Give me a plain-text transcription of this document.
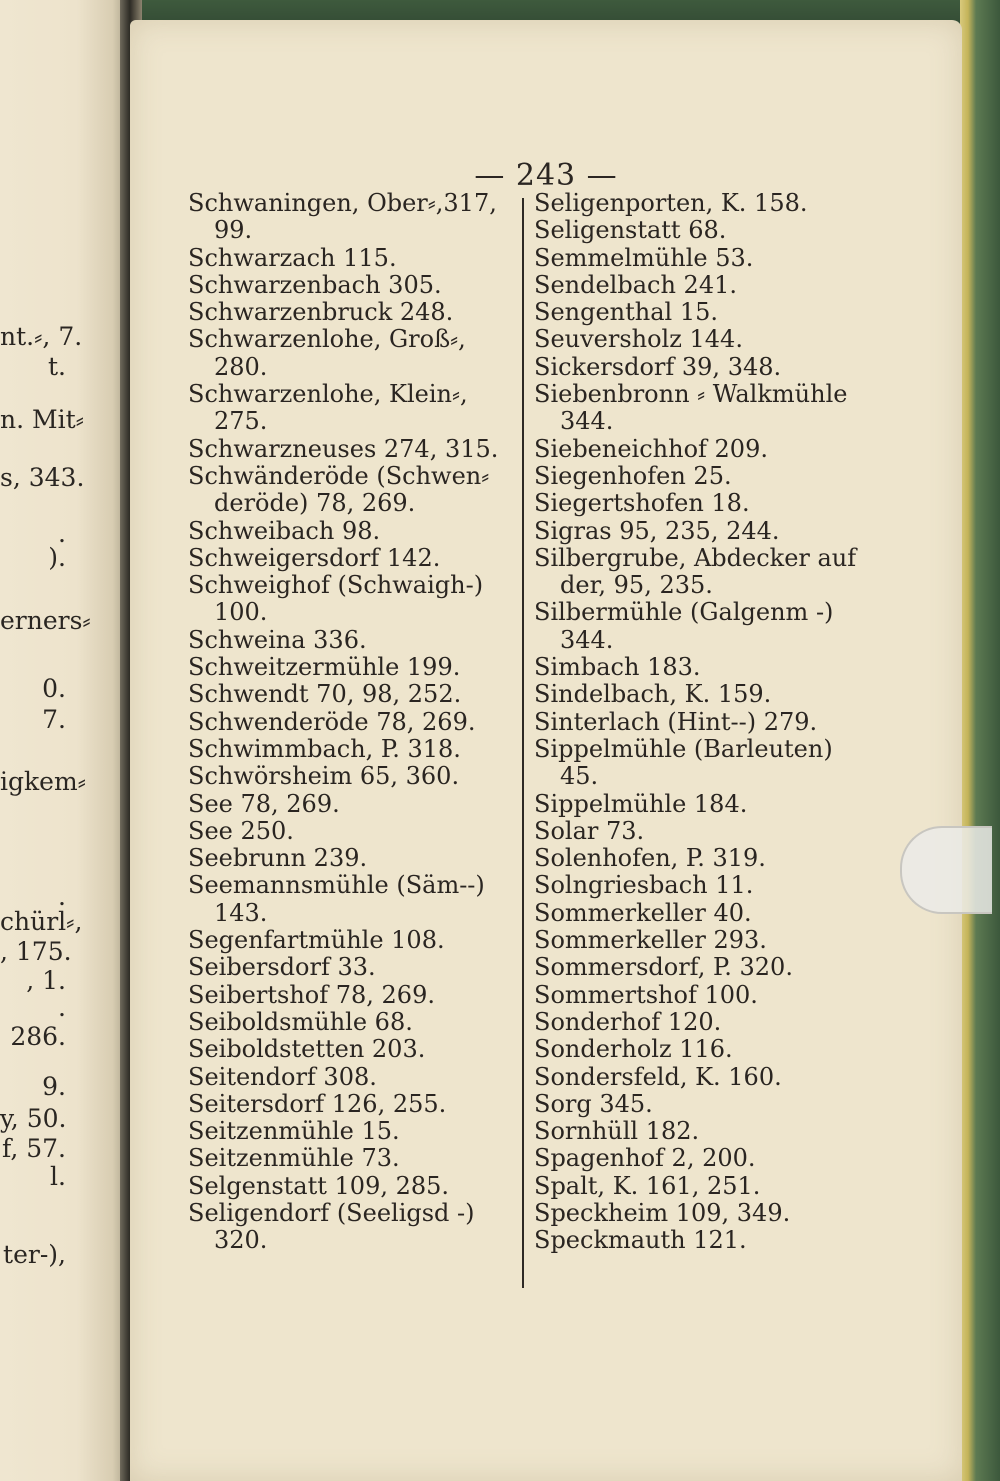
nt.⸗, 7.
t.
n. Mit⸗
s, 343.
.
).
erners⸗
0.
7.
igkem⸗
.
chürl⸗,
, 175.
, 1.
.
286.
9.
y, 50.
f, 57.
l.
ter-),
— 243 —
Schwaningen, Ober⸗,317,
99.
Schwarzach 115.
Schwarzenbach 305.
Schwarzenbruck 248.
Schwarzenlohe, Groß⸗,
280.
Schwarzenlohe, Klein⸗,
275.
Schwarzneuses 274, 315.
Schwänderöde (Schwen⸗
deröde) 78, 269.
Schweibach 98.
Schweigersdorf 142.
Schweighof (Schwaigh-)
100.
Schweina 336.
Schweitzermühle 199.
Schwendt 70, 98, 252.
Schwenderöde 78, 269.
Schwimmbach, P. 318.
Schwörsheim 65, 360.
See 78, 269.
See 250.
Seebrunn 239.
Seemannsmühle (Säm--)
143.
Segenfartmühle 108.
Seibersdorf 33.
Seibertshof 78, 269.
Seiboldsmühle 68.
Seiboldstetten 203.
Seitendorf 308.
Seitersdorf 126, 255.
Seitzenmühle 15.
Seitzenmühle 73.
Selgenstatt 109, 285.
Seligendorf (Seeligsd -)
320.
Seligenporten, K. 158.
Seligenstatt 68.
Semmelmühle 53.
Sendelbach 241.
Sengenthal 15.
Seuversholz 144.
Sickersdorf 39, 348.
Siebenbronn ⸗ Walkmühle
344.
Siebeneichhof 209.
Siegenhofen 25.
Siegertshofen 18.
Sigras 95, 235, 244.
Silbergrube, Abdecker auf
der, 95, 235.
Silbermühle (Galgenm -)
344.
Simbach 183.
Sindelbach, K. 159.
Sinterlach (Hint--) 279.
Sippelmühle (Barleuten)
45.
Sippelmühle 184.
Solar 73.
Solenhofen, P. 319.
Solngriesbach 11.
Sommerkeller 40.
Sommerkeller 293.
Sommersdorf, P. 320.
Sommertshof 100.
Sonderhof 120.
Sonderholz 116.
Sondersfeld, K. 160.
Sorg 345.
Sornhüll 182.
Spagenhof 2, 200.
Spalt, K. 161, 251.
Speckheim 109, 349.
Speckmauth 121.
